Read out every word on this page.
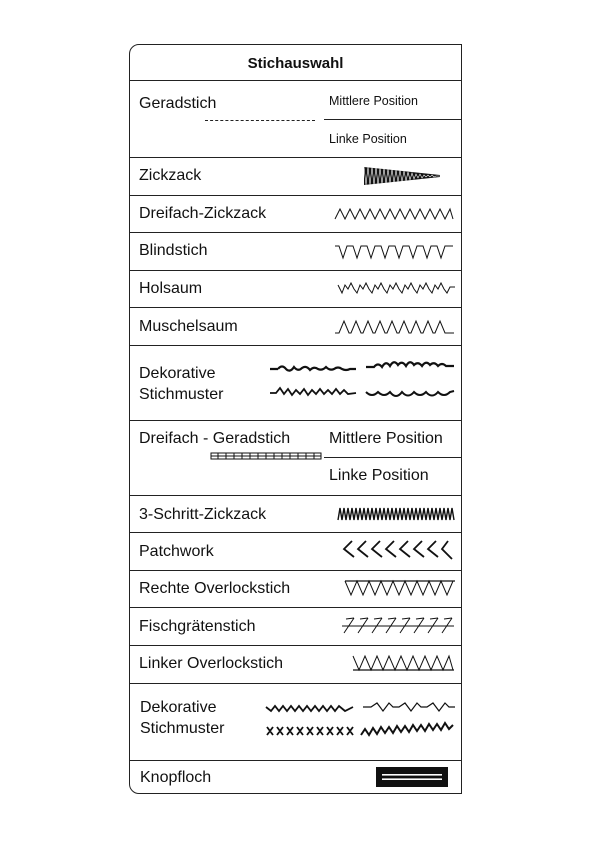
Stichauswahl
Geradstich	Mittlere Position
Linke Position
Zickzack
Dreifach-Zickzack
Blindstich
Holsaum
Muschelsaum
Dekorative
Stichmuster
Dreifach - Geradstich Mittlere Position
Linke Position
3-Schritt-Zickzack
Patchwork
Rechte Overlockstich
Fischgrätenstich
Linker Overlockstich
Dekorative
Stichmuster
Knopfloch
